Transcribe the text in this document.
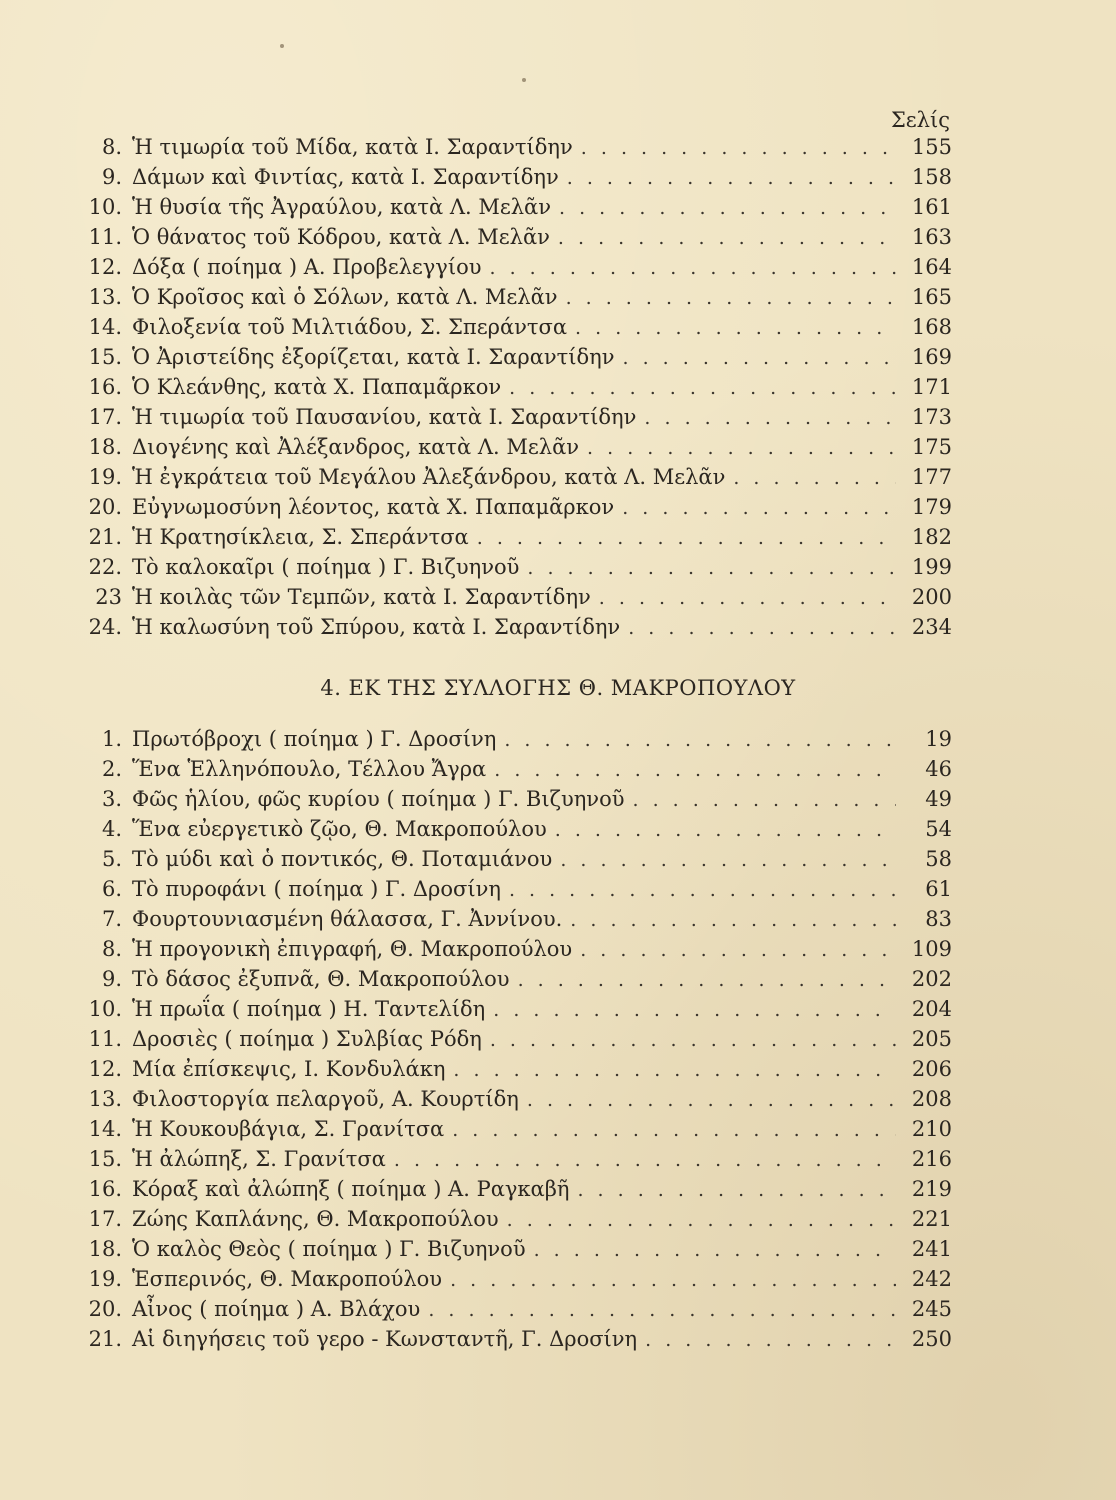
Σελίς
8. Ἡ τιμωρία τοῦ Μίδα, κατὰ Ι. Σαραντίδην . . .	155
9. Δάμων καὶ Φιντίας, κατὰ Ι. Σαραντίδην . . .	158
10. Ἡ θυσία τῆς Ἀγραύλου, κατὰ Λ. Μελᾶν . . .	161
11. Ὁ θάνατος τοῦ Κόδρου, κατὰ Λ. Μελᾶν . . .	163
12. Δόξα ( ποίημα ) Α. Προβελεγγίου . . .	164
13. Ὁ Κροῖσος καὶ ὁ Σόλων, κατὰ Λ. Μελᾶν . . .	165
14. Φιλοξενία τοῦ Μιλτιάδου, Σ. Σπεράντσα . . .	168
15. Ὁ Ἀριστείδης ἐξορίζεται, κατὰ Ι. Σαραντίδην . . .	169
16. Ὁ Κλεάνθης, κατὰ Χ. Παπαμᾶρκον . . .	171
17. Ἡ τιμωρία τοῦ Παυσανίου, κατὰ Ι. Σαραντίδην . . .	173
18. Διογένης καὶ Ἀλέξανδρος, κατὰ Λ. Μελᾶν . . .	175
19. Ἡ ἐγκράτεια τοῦ Μεγάλου Ἀλεξάνδρου, κατὰ Λ. Μελᾶν . . .	177
20. Εὐγνωμοσύνη λέοντος, κατὰ Χ. Παπαμᾶρκον . . .	179
21. Ἡ Κρατησίκλεια, Σ. Σπεράντσα . . .	182
22. Τὸ καλοκαῖρι ( ποίημα ) Γ. Βιζυηνοῦ . . .	199
23 Ἡ κοιλὰς τῶν Τεμπῶν, κατὰ Ι. Σαραντίδην . . .	200
24. Ἡ καλωσύνη τοῦ Σπύρου, κατὰ Ι. Σαραντίδην . . .	234
4. ΕΚ ΤΗΣ ΣΥΛΛΟΓΗΣ Θ. ΜΑΚΡΟΠΟΥΛΟΥ
1. Πρωτόβροχι ( ποίημα ) Γ. Δροσίνη . . .	19
2. Ἕνα Ἑλληνόπουλο, Τέλλου Ἄγρα . . .	46
3. Φῶς ἡλίου, φῶς κυρίου ( ποίημα ) Γ. Βιζυηνοῦ . . .	49
4. Ἕνα εὐεργετικὸ ζῷο, Θ. Μακροπούλου . . .	54
5. Τὸ μύδι καὶ ὁ ποντικός, Θ. Ποταμιάνου . . .	58
6. Τὸ πυροφάνι ( ποίημα ) Γ. Δροσίνη . . .	61
7. Φουρτουνιασμένη θάλασσα, Γ. Ἀννίνου. . . .	83
8. Ἡ προγονικὴ ἐπιγραφή, Θ. Μακροπούλου . . .	109
9. Τὸ δάσος ἐξυπνᾶ, Θ. Μακροπούλου . . .	202
10. Ἡ πρωΐα ( ποίημα ) Η. Ταντελίδη . . .	204
11. Δροσιὲς ( ποίημα ) Συλβίας Ρόδη . . .	205
12. Μία ἐπίσκεψις, Ι. Κονδυλάκη . . .	206
13. Φιλοστοργία πελαργοῦ, Α. Κουρτίδη . . .	208
14. Ἡ Κουκουβάγια, Σ. Γρανίτσα . . .	210
15. Ἡ ἀλώπηξ, Σ. Γρανίτσα . . .	216
16. Κόραξ καὶ ἀλώπηξ ( ποίημα ) Α. Ραγκαβῆ . . .	219
17. Ζώης Καπλάνης, Θ. Μακροπούλου . . .	221
18. Ὁ καλὸς Θεὸς ( ποίημα ) Γ. Βιζυηνοῦ . . .	241
19. Ἑσπερινός, Θ. Μακροπούλου . . .	242
20. Αἶνος ( ποίημα ) Α. Βλάχου . . .	245
21. Αἱ διηγήσεις τοῦ γερο - Κωνσταντῆ, Γ. Δροσίνη . . .	250
